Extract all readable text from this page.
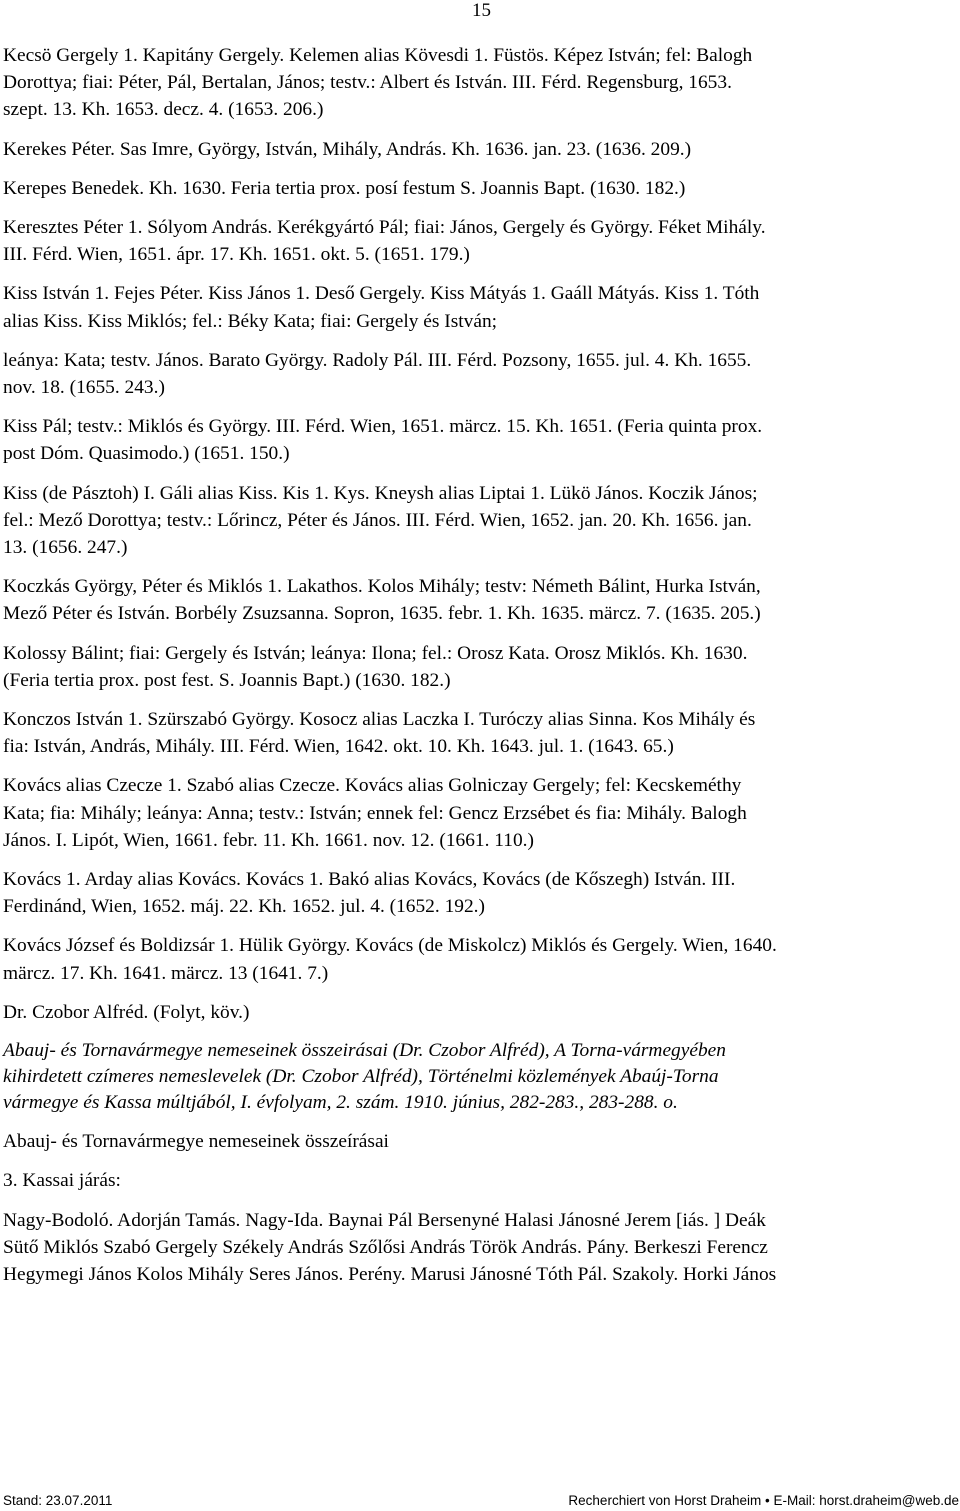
15

Kecsö Gergely 1. Kapitány Gergely. Kelemen alias Kövesdi 1. Füstös. Képez István; fel: Balogh
Dorottya; fiai: Péter, Pál, Bertalan, János; testv.: Albert és István. III. Férd. Regensburg, 1653.
szept. 13. Kh. 1653. decz. 4. (1653. 206.)

Kerekes Péter. Sas Imre, György, István, Mihály, András. Kh. 1636. jan. 23. (1636. 209.)

Kerepes Benedek. Kh. 1630. Feria tertia prox. posí festum S. Joannis Bapt. (1630. 182.)

Keresztes Péter 1. Sólyom András. Kerékgyártó Pál; fiai: János, Gergely és György. Féket Mihály.
III. Férd. Wien, 1651. ápr. 17. Kh. 1651. okt. 5. (1651. 179.)

Kiss István 1. Fejes Péter. Kiss János 1. Deső Gergely. Kiss Mátyás 1. Gaáll Mátyás. Kiss 1. Tóth
alias Kiss. Kiss Miklós; fel.: Béky Kata; fiai: Gergely és István;

leánya: Kata; testv. János. Barato György. Radoly Pál. III. Férd. Pozsony, 1655. jul. 4. Kh. 1655.
nov. 18. (1655. 243.)

Kiss Pál; testv.: Miklós és György. III. Férd. Wien, 1651. märcz. 15. Kh. 1651. (Feria quinta prox.
post Dóm. Quasimodo.) (1651. 150.)

Kiss (de Pásztoh) I. Gáli alias Kiss. Kis 1. Kys. Kneysh alias Liptai 1. Lükö János. Koczik János;
fel.: Mező Dorottya; testv.: Lőrincz, Péter és János. III. Férd. Wien, 1652. jan. 20. Kh. 1656. jan.
13. (1656. 247.)

Koczkás György, Péter és Miklós 1. Lakathos. Kolos Mihály; testv: Németh Bálint, Hurka István,
Mező Péter és István. Borbély Zsuzsanna. Sopron, 1635. febr. 1. Kh. 1635. märcz. 7. (1635. 205.)

Kolossy Bálint; fiai: Gergely és István; leánya: Ilona; fel.: Orosz Kata. Orosz Miklós. Kh. 1630.
(Feria tertia prox. post fest. S. Joannis Bapt.) (1630. 182.)

Konczos István 1. Szürszabó György. Kosocz alias Laczka I. Turóczy alias Sinna. Kos Mihály és
fia: István, András, Mihály. III. Férd. Wien, 1642. okt. 10. Kh. 1643. jul. 1. (1643. 65.)

Kovács alias Czecze 1. Szabó alias Czecze. Kovács alias Golniczay Gergely; fel: Kecskeméthy
Kata; fia: Mihály; leánya: Anna; testv.: István; ennek fel: Gencz Erzsébet és fia: Mihály. Balogh
János. I. Lipót, Wien, 1661. febr. 11. Kh. 1661. nov. 12. (1661. 110.)

Kovács 1. Arday alias Kovács. Kovács 1. Bakó alias Kovács, Kovács (de Kőszegh) István. III.
Ferdinánd, Wien, 1652. máj. 22. Kh. 1652. jul. 4. (1652. 192.)

Kovács József és Boldizsár 1. Hülik György. Kovács (de Miskolcz) Miklós és Gergely. Wien, 1640.
märcz. 17. Kh. 1641. märcz. 13 (1641. 7.)

Dr. Czobor Alfréd. (Folyt, köv.)

Abauj- és Tornavármegye nemeseinek összeirásai (Dr. Czobor Alfréd), A Torna-vármegyében
kihirdetett czímeres nemeslevelek (Dr. Czobor Alfréd), Történelmi közlemények Abaúj-Torna
vármegye és Kassa múltjából, I. évfolyam, 2. szám. 1910. június, 282-283., 283-288. o.

Abauj- és Tornavármegye nemeseinek összeírásai

3. Kassai járás:

Nagy-Bodoló. Adorján Tamás. Nagy-Ida. Baynai Pál Bersenyné Halasi Jánosné Jerem [iás. ] Deák
Sütő Miklós Szabó Gergely Székely András Szőlősi András Török András. Pány. Berkeszi Ferencz
Hegymegi János Kolos Mihály Seres János. Perény. Marusi Jánosné Tóth Pál. Szakoly. Horki János

Stand: 23.07.2011	Recherchiert von Horst Draheim • E-Mail: horst.draheim@web.de
